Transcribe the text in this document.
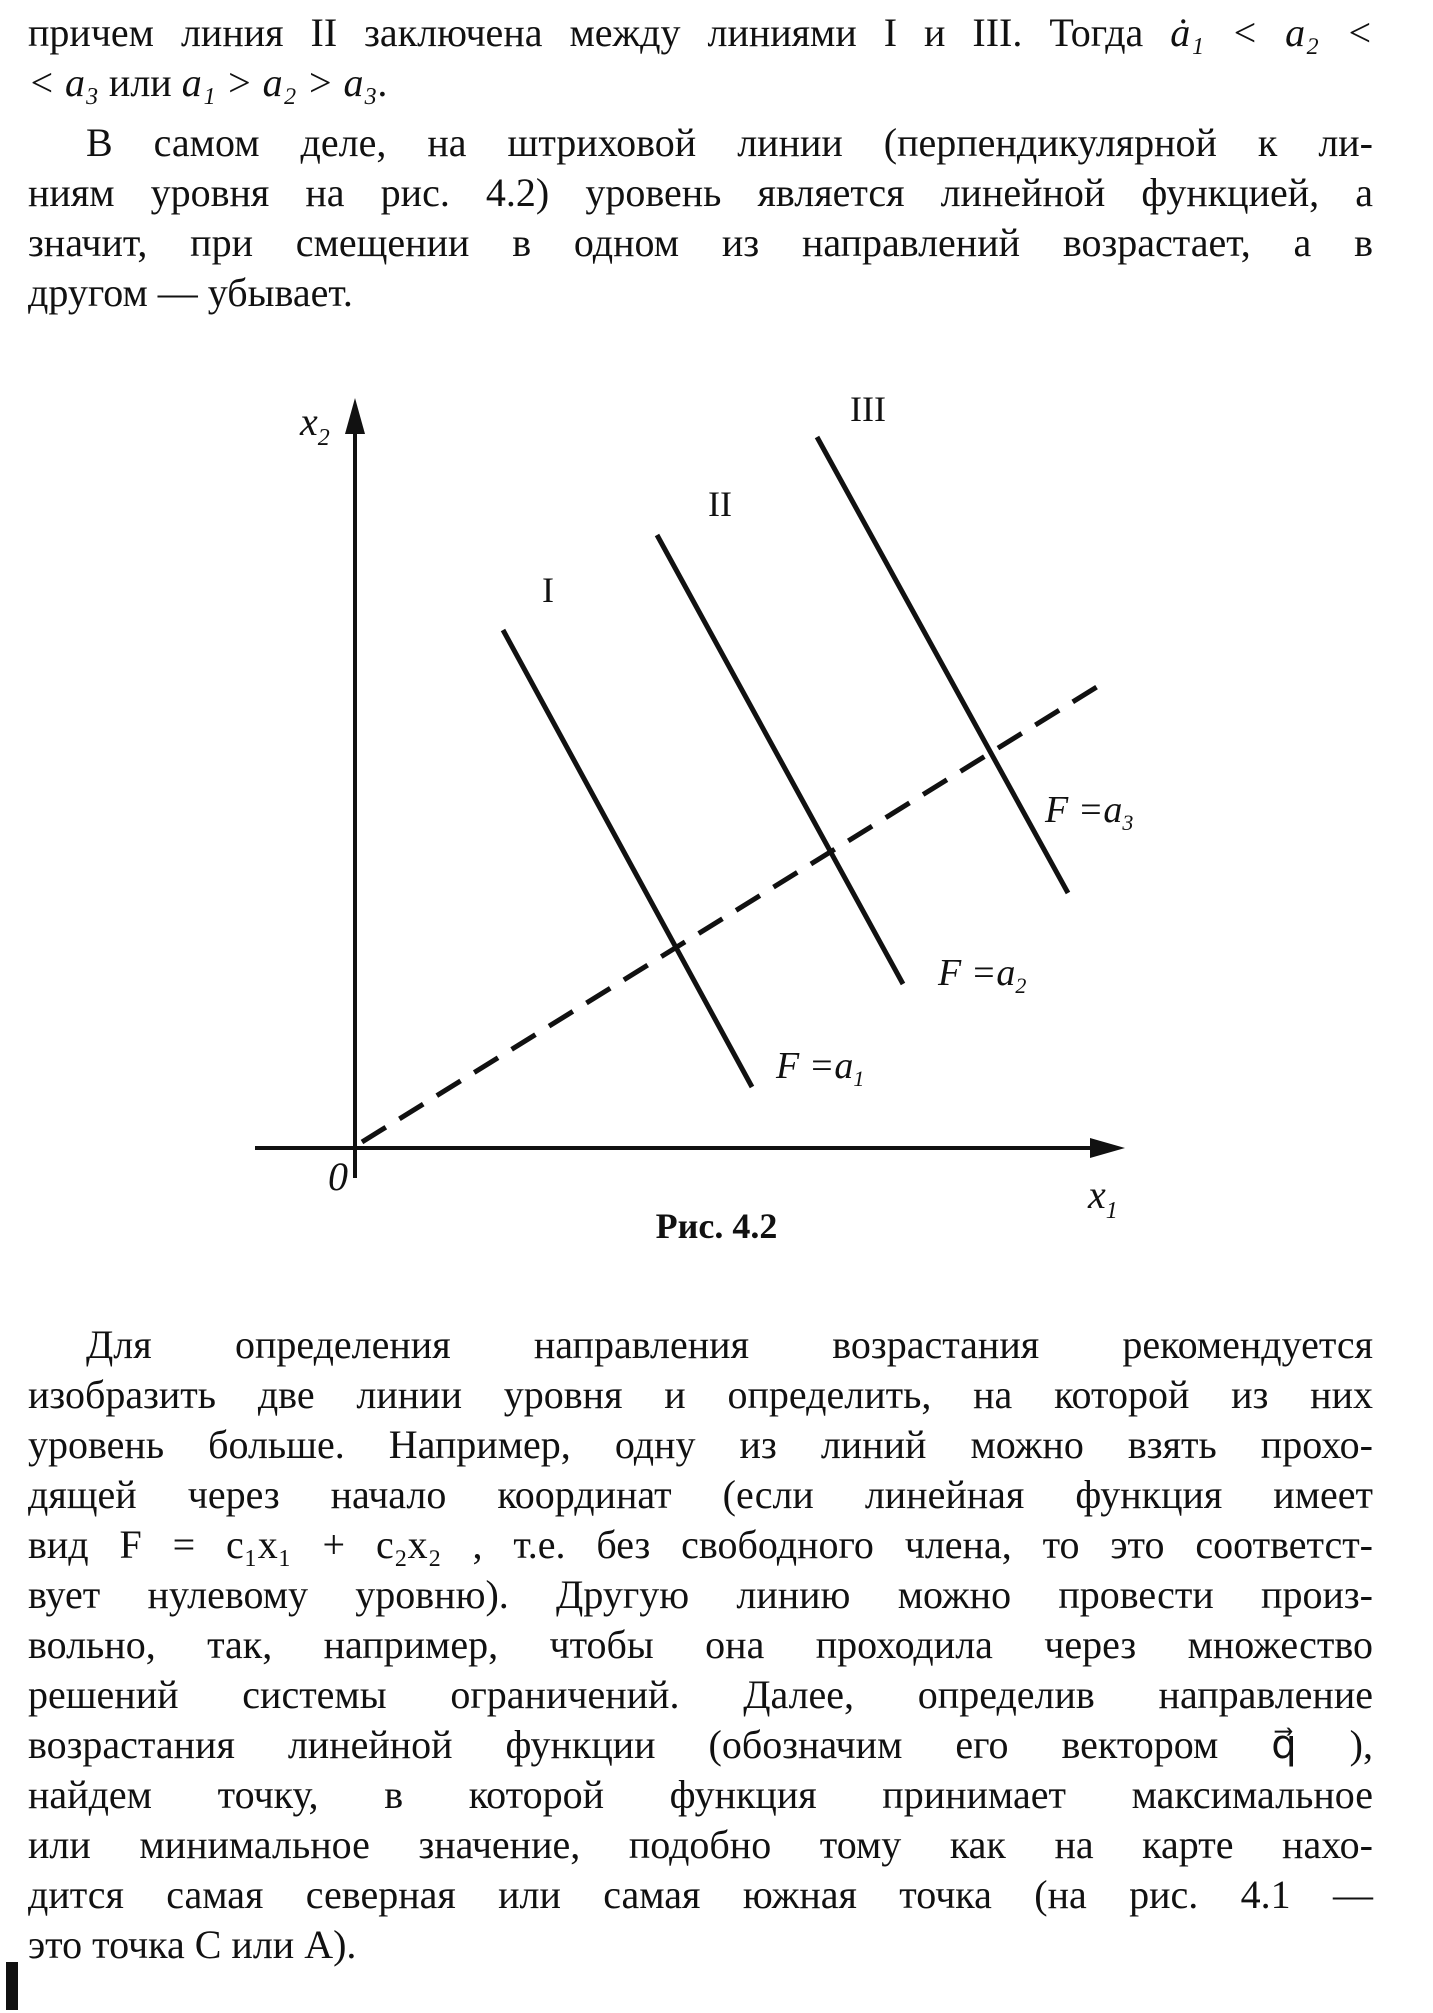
причем линия II заключена между линиями I и III. Тогда ȧ₁ < a₂ <
< a₃ или a₁ > a₂ > a₃.

В самом деле, на штриховой линии (перпендикулярной к ли-
ниям уровня на рис. 4.2) уровень является линейной функцией, а
значит, при смещении в одном из направлений возрастает, а в
другом — убывает.

$x_2$
$x_1$
0
I
II
III
$F =a_1$
$F =a_2$
$F =a_3$
Рис. 4.2

Для определения направления возрастания рекомендуется
изобразить две линии уровня и определить, на которой из них
уровень больше. Например, одну из линий можно взять прохо-
дящей через начало координат (если линейная функция имеет
вид F = c₁x₁ + c₂x₂ , т.е. без свободного члена, то это соответст-
вует нулевому уровню). Другую линию можно провести произ-
вольно, так, например, чтобы она проходила через множество
решений системы ограничений. Далее, определив направление
возрастания линейной функции (обозначим его вектором q⃗ ),
найдем точку, в которой функция принимает максимальное
или минимальное значение, подобно тому как на карте нахо-
дится самая северная или самая южная точка (на рис. 4.1 —
это точка C или A).
